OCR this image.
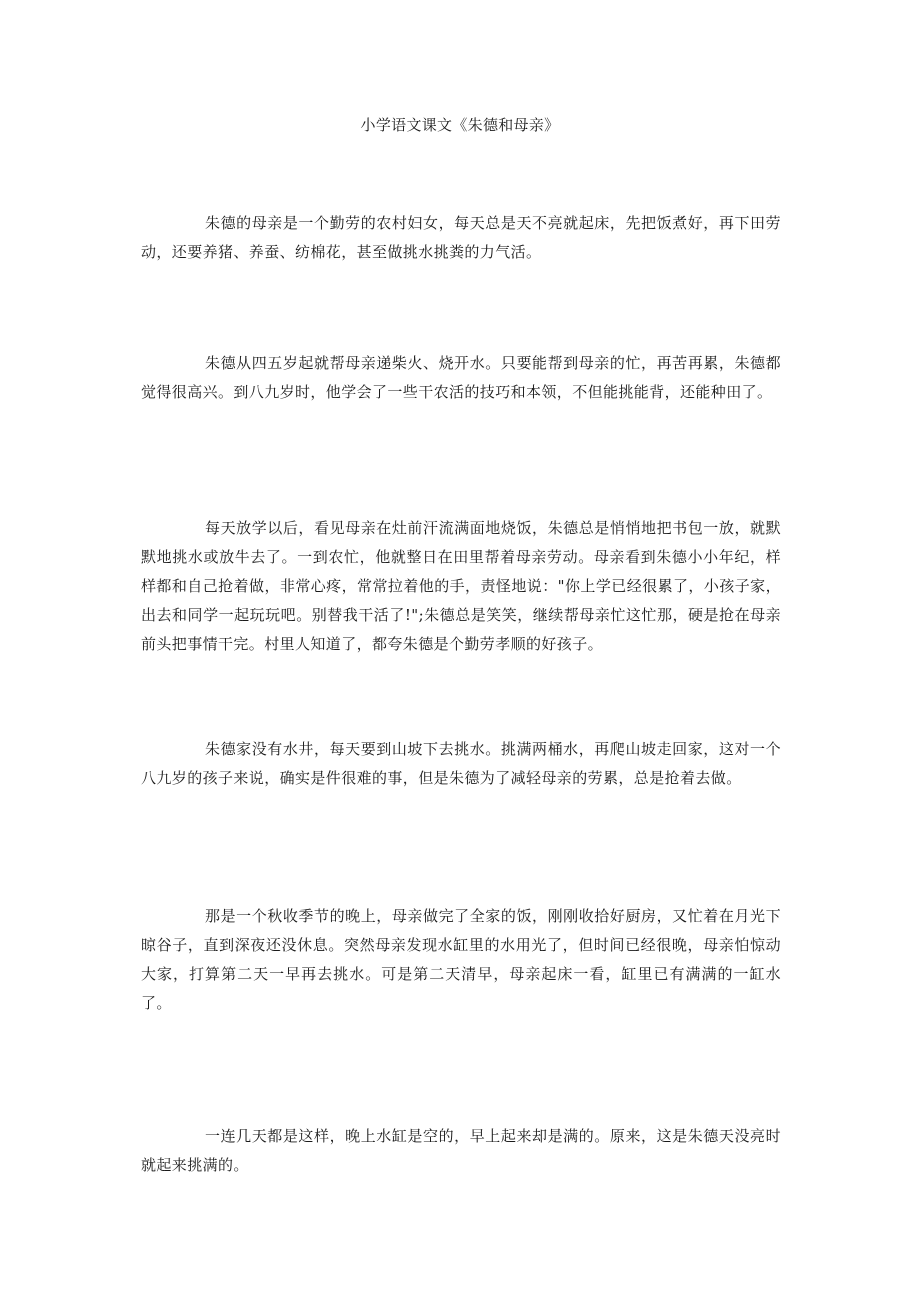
小学语文课文《朱德和母亲》

朱德的母亲是一个勤劳的农村妇女，每天总是天不亮就起床，先把饭煮好，再下田劳动，还要养猪、养蚕、纺棉花，甚至做挑水挑粪的力气活。

朱德从四五岁起就帮母亲递柴火、烧开水。只要能帮到母亲的忙，再苦再累，朱德都觉得很高兴。到八九岁时，他学会了一些干农活的技巧和本领，不但能挑能背，还能种田了。

每天放学以后，看见母亲在灶前汗流满面地烧饭，朱德总是悄悄地把书包一放，就默默地挑水或放牛去了。一到农忙，他就整日在田里帮着母亲劳动。母亲看到朱德小小年纪，样样都和自己抢着做，非常心疼，常常拉着他的手，责怪地说："你上学已经很累了，小孩子家，出去和同学一起玩玩吧。别替我干活了!";朱德总是笑笑，继续帮母亲忙这忙那，硬是抢在母亲前头把事情干完。村里人知道了，都夸朱德是个勤劳孝顺的好孩子。

朱德家没有水井，每天要到山坡下去挑水。挑满两桶水，再爬山坡走回家，这对一个八九岁的孩子来说，确实是件很难的事，但是朱德为了减轻母亲的劳累，总是抢着去做。

那是一个秋收季节的晚上，母亲做完了全家的饭，刚刚收拾好厨房，又忙着在月光下晾谷子，直到深夜还没休息。突然母亲发现水缸里的水用光了，但时间已经很晚，母亲怕惊动大家，打算第二天一早再去挑水。可是第二天清早，母亲起床一看，缸里已有满满的一缸水了。

一连几天都是这样，晚上水缸是空的，早上起来却是满的。原来，这是朱德天没亮时就起来挑满的。
